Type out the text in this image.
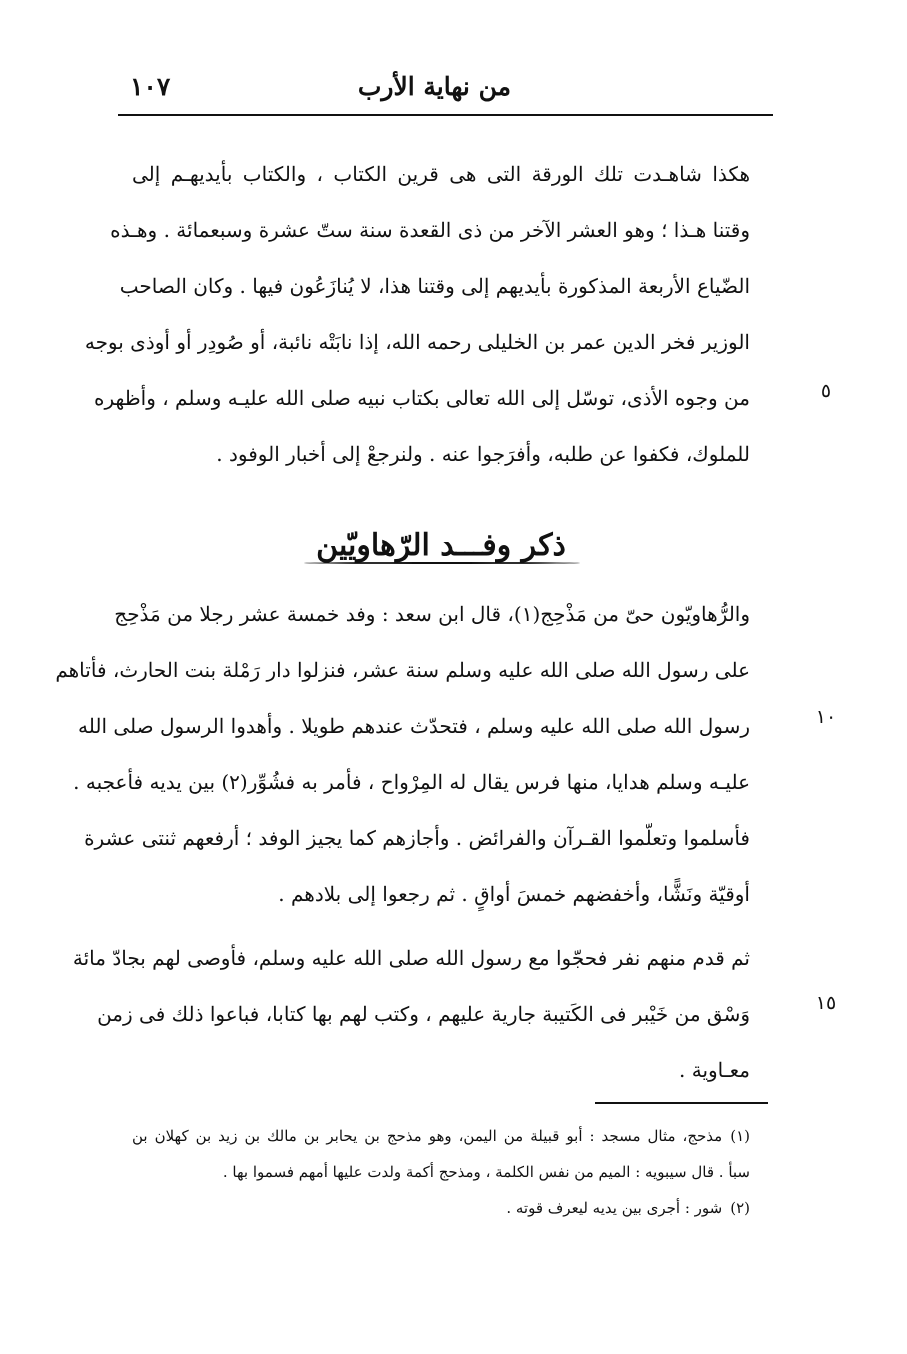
من نهاية الأرب
١٠٧
هكذا شاهـدت تلك الورقة التى هى قرين الكتاب ، والكتاب بأيديهـم إلى
وقتنا هـذا ؛ وهو العشر الآخر من ذى القعدة سنة ستّ عشرة وسبعمائة . وهـذه
الضّياع الأربعة المذكورة بأيديهم إلى وقتنا هذا، لا يُنازَعُون فيها . وكان الصاحب
الوزير فخر الدين عمر بن الخليلى رحمه الله، إذا نابَتْه نائبة، أو صُودِر أو أوذى بوجه
من وجوه الأذى، توسّل إلى الله تعالى بكتاب نبيه صلى الله عليـه وسلم ، وأظهره
للملوك، فكفوا عن طلبه، وأفرَجوا عنه . ولنرجعْ إلى أخبار الوفود .
ذكر وفـــد الرّهاويّين
والرُّهاويّون حىّ من مَذْحِج(١)، قال ابن سعد : وفد خمسة عشر رجلا من مَذْحِج
على رسول الله صلى الله عليه وسلم سنة عشر، فنزلوا دار رَمْلة بنت الحارث، فأتاهم
رسول الله صلى الله عليه وسلم ، فتحدّث عندهم طويلا . وأهدوا الرسول صلى الله
عليـه وسلم هدايا، منها فرس يقال له المِرْواح ، فأمر به فشُوِّر(٢) بين يديه فأعجبه .
فأسلموا وتعلّموا القـرآن والفرائض . وأجازهم كما يجيز الوفد ؛ أرفعهم ثنتى عشرة
أوقيّة ونَشًّا، وأخفضهم خمسَ أواقٍ . ثم رجعوا إلى بلادهم .
ثم قدم منهم نفر فحجّوا مع رسول الله صلى الله عليه وسلم، فأوصى لهم بجادّ مائة
وَسْق من خَيْبر فى الكَتيبة جارية عليهم ، وكتب لهم بها كتابا، فباعوا ذلك فى زمن
معـاوية .
٥
١٠
١٥
(١)مذحج، مثال مسجد : أبو قبيلة من اليمن، وهو مذحج بن يحابر بن مالك بن زيد بن كهلان بن
سبأ . قال سيبويه : الميم من نفس الكلمة ، ومذحج أكمة ولدت عليها أمهم فسموا بها .
(٢)شور : أجرى بين يديه ليعرف قوته .
